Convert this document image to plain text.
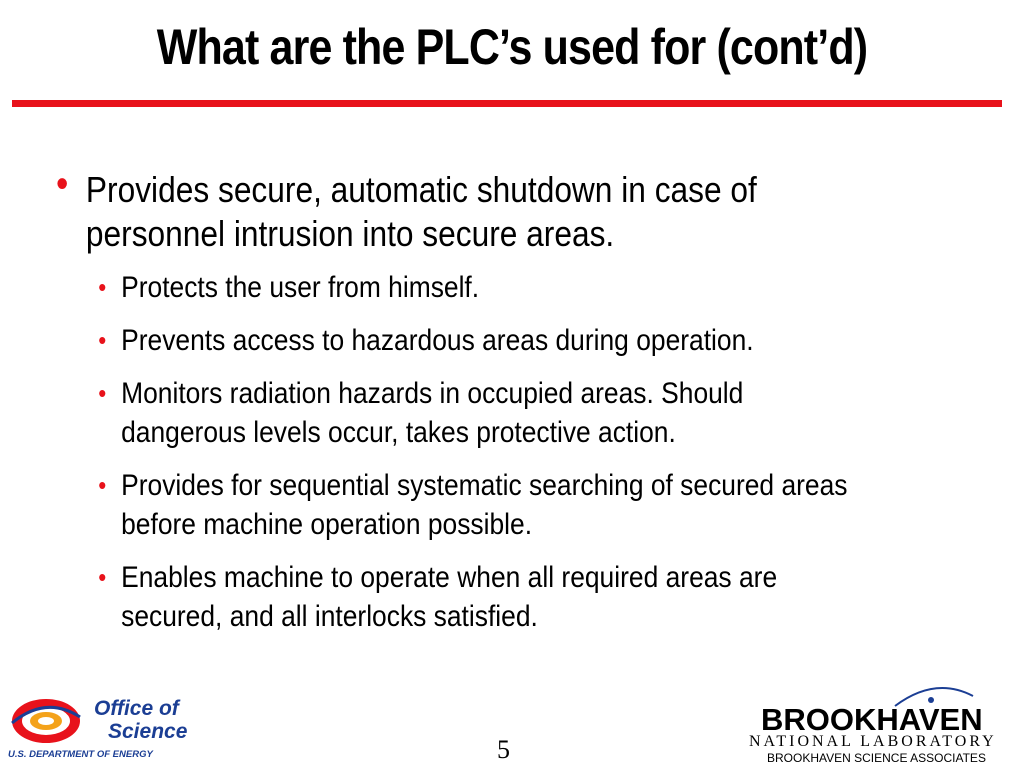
What are the PLC’s used for (cont’d)
• Provides secure, automatic shutdown in case of personnel intrusion into secure areas.
• Protects the user from himself.
• Prevents access to hazardous areas during operation.
• Monitors radiation hazards in occupied areas. Should dangerous levels occur, takes protective action.
• Provides for sequential systematic searching of secured areas before machine operation possible.
• Enables machine to operate when all required areas are secured, and all interlocks satisfied.
Office of
Science
U.S. DEPARTMENT OF ENERGY	5
BROOKHAVEN
NATIONAL LABORATORY
BROOKHAVEN SCIENCE ASSOCIATES
